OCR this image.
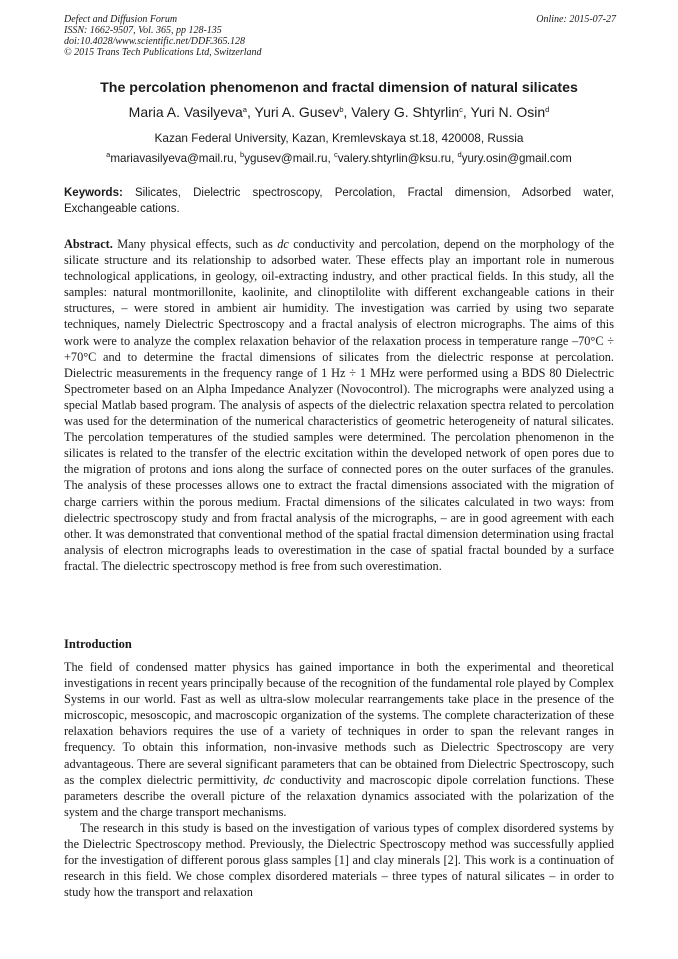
Defect and Diffusion Forum
ISSN: 1662-9507, Vol. 365, pp 128-135
doi:10.4028/www.scientific.net/DDF.365.128
© 2015 Trans Tech Publications Ltd, Switzerland
Online: 2015-07-27
The percolation phenomenon and fractal dimension of natural silicates
Maria A. Vasilyeva$^a$, Yuri A. Gusev$^b$, Valery G. Shtyrlin$^c$, Yuri N. Osin$^d$
Kazan Federal University, Kazan, Kremlevskaya st.18, 420008, Russia
$^a$mariavasilyeva@mail.ru, $^b$ygusev@mail.ru, $^c$valery.shtyrlin@ksu.ru, $^d$yury.osin@gmail.com
Keywords: Silicates, Dielectric spectroscopy, Percolation, Fractal dimension, Adsorbed water, Exchangeable cations.
Abstract. Many physical effects, such as dc conductivity and percolation, depend on the morphology of the silicate structure and its relationship to adsorbed water. These effects play an important role in numerous technological applications, in geology, oil-extracting industry, and other practical fields. In this study, all the samples: natural montmorillonite, kaolinite, and clinoptilolite with different exchangeable cations in their structures, – were stored in ambient air humidity. The investigation was carried by using two separate techniques, namely Dielectric Spectroscopy and a fractal analysis of electron micrographs. The aims of this work were to analyze the complex relaxation behavior of the relaxation process in temperature range –70°C ÷ +70°C and to determine the fractal dimensions of silicates from the dielectric response at percolation. Dielectric measurements in the frequency range of 1 Hz ÷ 1 MHz were performed using a BDS 80 Dielectric Spectrometer based on an Alpha Impedance Analyzer (Novocontrol). The micrographs were analyzed using a special Matlab based program. The analysis of aspects of the dielectric relaxation spectra related to percolation was used for the determination of the numerical characteristics of geometric heterogeneity of natural silicates. The percolation temperatures of the studied samples were determined. The percolation phenomenon in the silicates is related to the transfer of the electric excitation within the developed network of open pores due to the migration of protons and ions along the surface of connected pores on the outer surfaces of the granules. The analysis of these processes allows one to extract the fractal dimensions associated with the migration of charge carriers within the porous medium. Fractal dimensions of the silicates calculated in two ways: from dielectric spectroscopy study and from fractal analysis of the micrographs, – are in good agreement with each other. It was demonstrated that conventional method of the spatial fractal dimension determination using fractal analysis of electron micrographs leads to overestimation in the case of spatial fractal bounded by a surface fractal. The dielectric spectroscopy method is free from such overestimation.
Introduction

The field of condensed matter physics has gained importance in both the experimental and theoretical investigations in recent years principally because of the recognition of the fundamental role played by Complex Systems in our world. Fast as well as ultra-slow molecular rearrangements take place in the presence of the microscopic, mesoscopic, and macroscopic organization of the systems. The complete characterization of these relaxation behaviors requires the use of a variety of techniques in order to span the relevant ranges in frequency. To obtain this information, non-invasive methods such as Dielectric Spectroscopy are very advantageous. There are several significant parameters that can be obtained from Dielectric Spectroscopy, such as the complex dielectric permittivity, dc conductivity and macroscopic dipole correlation functions. These parameters describe the overall picture of the relaxation dynamics associated with the polarization of the system and the charge transport mechanisms.

The research in this study is based on the investigation of various types of complex disordered systems by the Dielectric Spectroscopy method. Previously, the Dielectric Spectroscopy method was successfully applied for the investigation of different porous glass samples [1] and clay minerals [2]. This work is a continuation of research in this field. We chose complex disordered materials – three types of natural silicates – in order to study how the transport and relaxation
